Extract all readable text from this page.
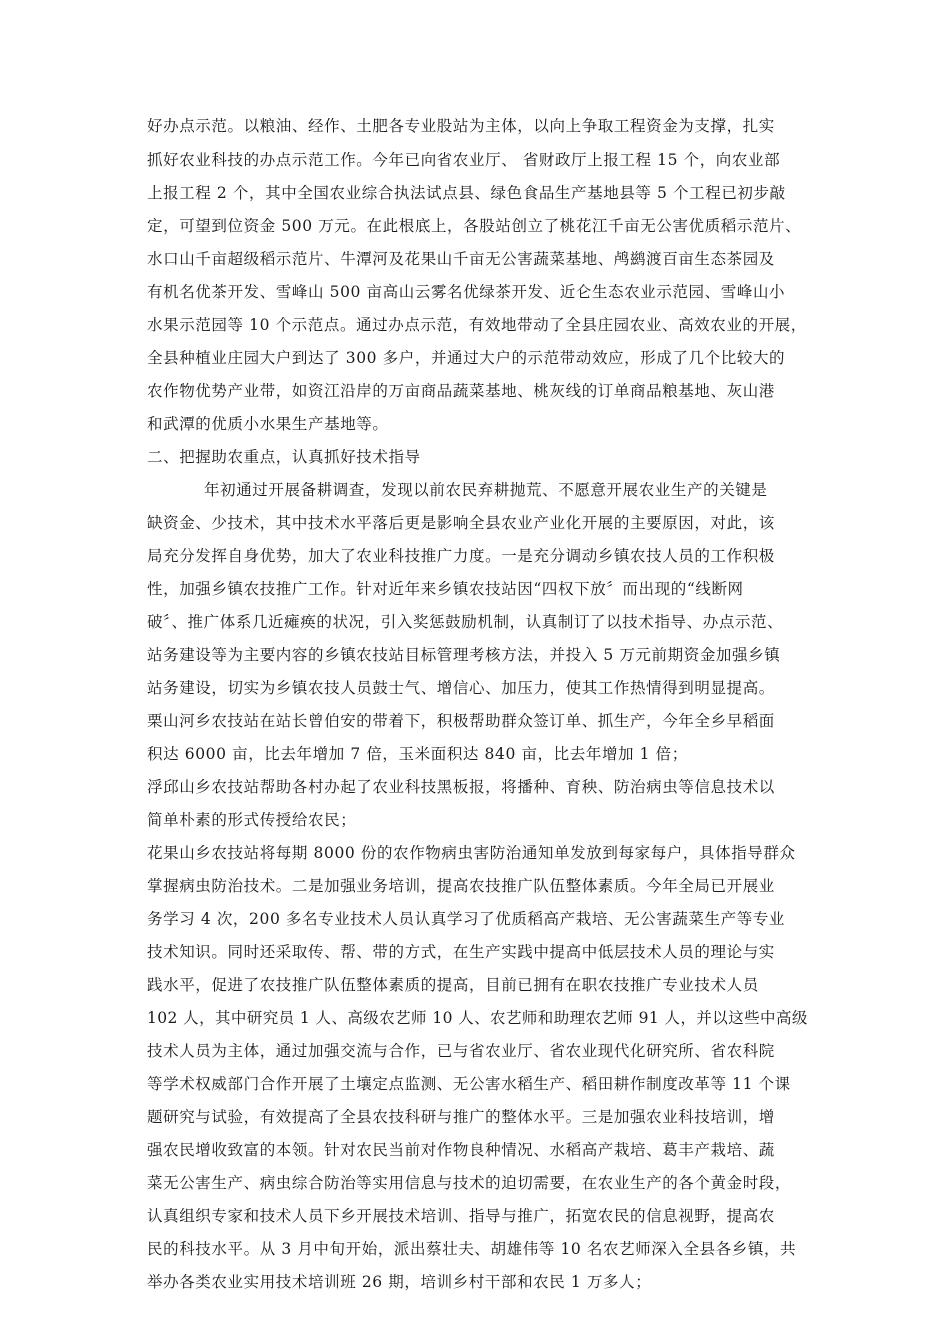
好办点示范。以粮油、经作、土肥各专业股站为主体，以向上争取工程资金为支撑，扎实
抓好农业科技的办点示范工作。今年已向省农业厅、 省财政厅上报工程 15 个，向农业部
上报工程 2 个，其中全国农业综合执法试点县、绿色食品生产基地县等 5 个工程已初步敲
定，可望到位资金 500 万元。在此根底上，各股站创立了桃花江千亩无公害优质稻示范片、
水口山千亩超级稻示范片、牛潭河及花果山千亩无公害蔬菜基地、鸬鹚渡百亩生态茶园及
有机名优茶开发、雪峰山 500 亩高山云雾名优绿茶开发、近仑生态农业示范园、雪峰山小
水果示范园等 10 个示范点。通过办点示范，有效地带动了全县庄园农业、高效农业的开展，
全县种植业庄园大户到达了 300 多户，并通过大户的示范带动效应，形成了几个比较大的
农作物优势产业带，如资江沿岸的万亩商品蔬菜基地、桃灰线的订单商品粮基地、灰山港
和武潭的优质小水果生产基地等。
二、把握助农重点，认真抓好技术指导
年初通过开展备耕调查，发现以前农民弃耕抛荒、不愿意开展农业生产的关键是
缺资金、少技术，其中技术水平落后更是影响全县农业产业化开展的主要原因，对此，该
局充分发挥自身优势，加大了农业科技推广力度。一是充分调动乡镇农技人员的工作积极
性，加强乡镇农技推广工作。针对近年来乡镇农技站因“四权下放〞而出现的“线断网
破〞、推广体系几近瘫痪的状况，引入奖惩鼓励机制，认真制订了以技术指导、办点示范、
站务建设等为主要内容的乡镇农技站目标管理考核方法，并投入 5 万元前期资金加强乡镇
站务建设，切实为乡镇农技人员鼓士气、增信心、加压力，使其工作热情得到明显提高。
栗山河乡农技站在站长曾伯安的带着下，积极帮助群众签订单、抓生产，今年全乡早稻面
积达 6000 亩，比去年增加 7 倍，玉米面积达 840 亩，比去年增加 1 倍；
浮邱山乡农技站帮助各村办起了农业科技黑板报，将播种、育秧、防治病虫等信息技术以
简单朴素的形式传授给农民；
花果山乡农技站将每期 8000 份的农作物病虫害防治通知单发放到每家每户，具体指导群众
掌握病虫防治技术。二是加强业务培训，提高农技推广队伍整体素质。今年全局已开展业
务学习 4 次，200 多名专业技术人员认真学习了优质稻高产栽培、无公害蔬菜生产等专业
技术知识。同时还采取传、帮、带的方式，在生产实践中提高中低层技术人员的理论与实
践水平，促进了农技推广队伍整体素质的提高，目前已拥有在职农技推广专业技术人员
102 人，其中研究员 1 人、高级农艺师 10 人、农艺师和助理农艺师 91 人，并以这些中高级
技术人员为主体，通过加强交流与合作，已与省农业厅、省农业现代化研究所、省农科院
等学术权威部门合作开展了土壤定点监测、无公害水稻生产、稻田耕作制度改革等 11 个课
题研究与试验，有效提高了全县农技科研与推广的整体水平。三是加强农业科技培训，增
强农民增收致富的本领。针对农民当前对作物良种情况、水稻高产栽培、葛丰产栽培、蔬
菜无公害生产、病虫综合防治等实用信息与技术的迫切需要，在农业生产的各个黄金时段，
认真组织专家和技术人员下乡开展技术培训、指导与推广，拓宽农民的信息视野，提高农
民的科技水平。从 3 月中旬开始，派出蔡壮夫、胡雄伟等 10 名农艺师深入全县各乡镇，共
举办各类农业实用技术培训班 26 期，培训乡村干部和农民 1 万多人；
